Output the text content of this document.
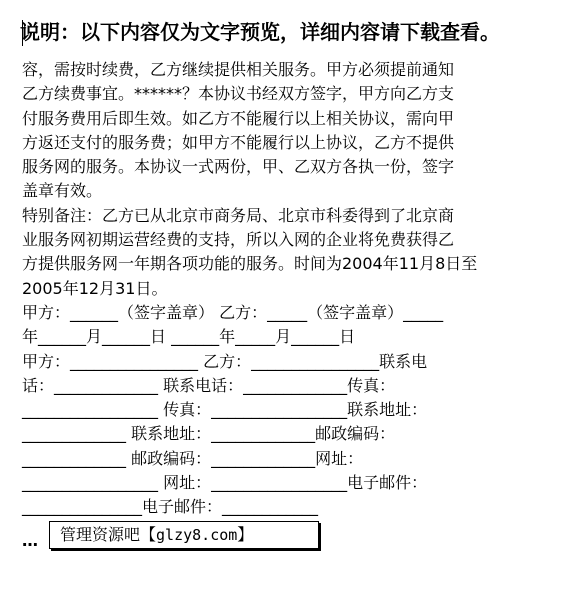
说明：以下内容仅为文字预览，详细内容请下载查看。
容，需按时续费，乙方继续提供相关服务。甲方必须提前通知
乙方续费事宜。******？本协议书经双方签字，甲方向乙方支
付服务费用后即生效。如乙方不能履行以上相关协议，需向甲
方返还支付的服务费；如甲方不能履行以上协议，乙方不提供
服务网的服务。本协议一式两份，甲、乙双方各执一份，签字
盖章有效。
特别备注：乙方已从北京市商务局、北京市科委得到了北京商
业服务网初期运营经费的支持，所以入网的企业将免费获得乙
方提供服务网一年期各项功能的服务。时间为2004年11月8日至
2005年12月31日。
甲方：______（签字盖章） 乙方：_____（签字盖章）_____
年______月______日 ______年_____月______日
甲方：________________ 乙方：________________联系电
话：_____________ 联系电话：_____________传真：
_________________ 传真：_________________联系地址：
_____________ 联系地址：_____________邮政编码：
_____________ 邮政编码：_____________网址：
_________________ 网址：_________________电子邮件：
_______________电子邮件：____________
…	管理资源吧【glzy8.com】
